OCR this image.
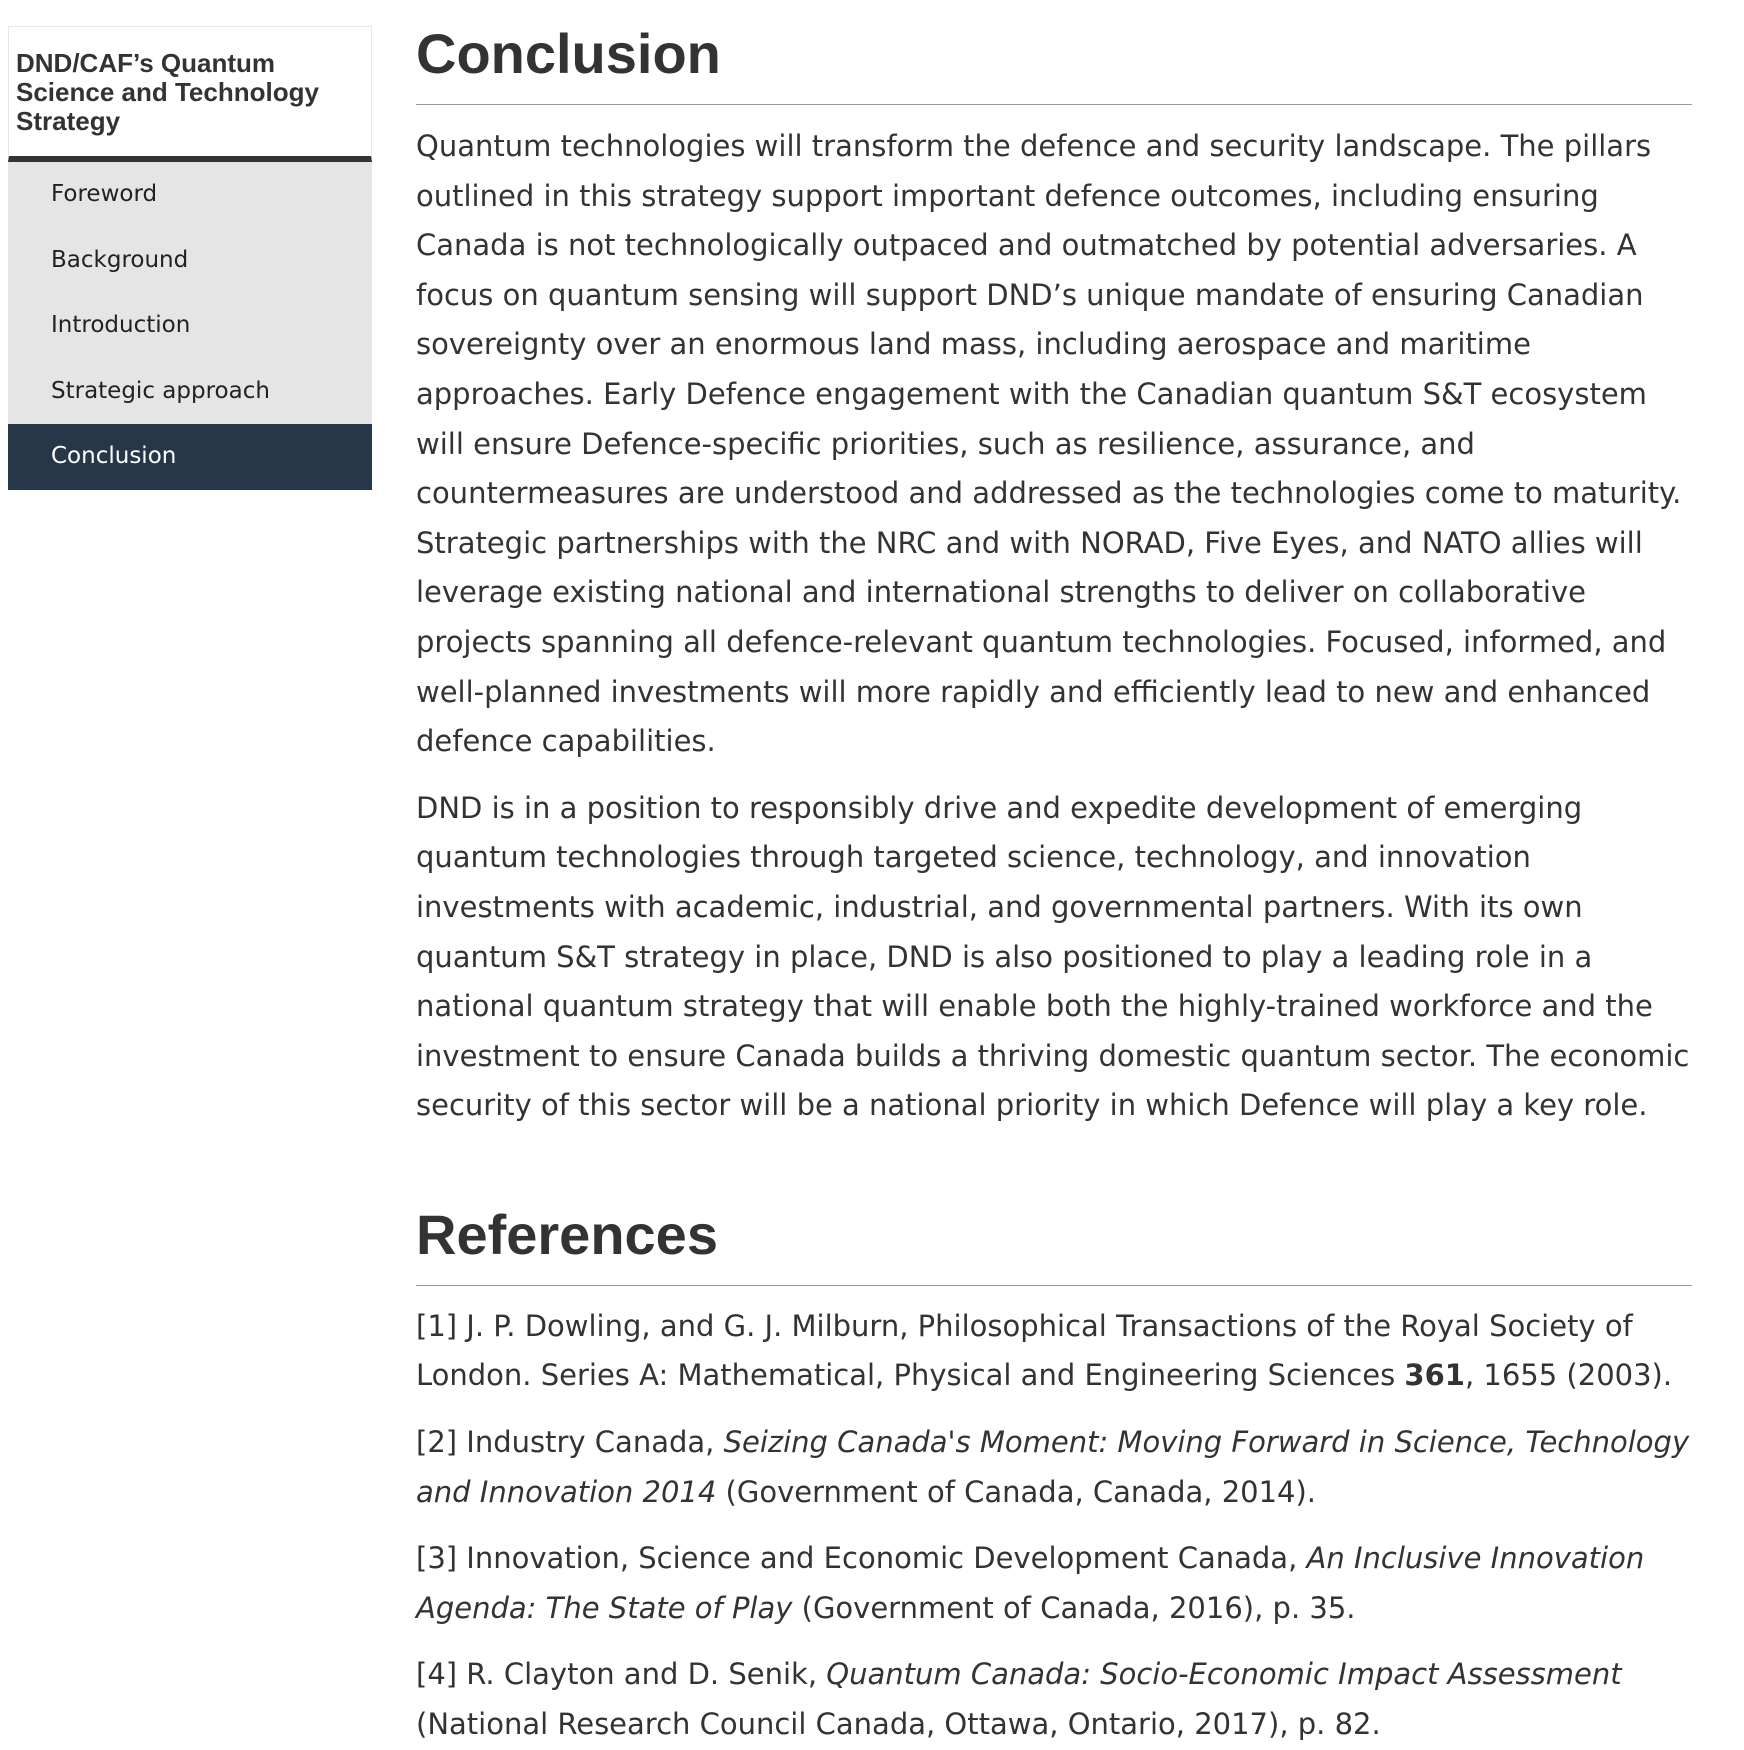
DND/CAF’s Quantum Science and Technology Strategy
Foreword
Background
Introduction
Strategic approach
Conclusion
Conclusion

Quantum technologies will transform the defence and security landscape. The pillars outlined in this strategy support important defence outcomes, including ensuring Canada is not technologically outpaced and outmatched by potential adversaries. A focus on quantum sensing will support DND’s unique mandate of ensuring Canadian sovereignty over an enormous land mass, including aerospace and maritime approaches. Early Defence engagement with the Canadian quantum S&T ecosystem will ensure Defence-specific priorities, such as resilience, assurance, and countermeasures are understood and addressed as the technologies come to maturity. Strategic partnerships with the NRC and with NORAD, Five Eyes, and NATO allies will leverage existing national and international strengths to deliver on collaborative projects spanning all defence-relevant quantum technologies. Focused, informed, and well-planned investments will more rapidly and efficiently lead to new and enhanced defence capabilities.

DND is in a position to responsibly drive and expedite development of emerging quantum technologies through targeted science, technology, and innovation investments with academic, industrial, and governmental partners. With its own quantum S&T strategy in place, DND is also positioned to play a leading role in a national quantum strategy that will enable both the highly-trained workforce and the investment to ensure Canada builds a thriving domestic quantum sector. The economic security of this sector will be a national priority in which Defence will play a key role.

References

[1] J. P. Dowling, and G. J. Milburn, Philosophical Transactions of the Royal Society of London. Series A: Mathematical, Physical and Engineering Sciences 361, 1655 (2003).

[2] Industry Canada, Seizing Canada's Moment: Moving Forward in Science, Technology and Innovation 2014 (Government of Canada, Canada, 2014).

[3] Innovation, Science and Economic Development Canada, An Inclusive Innovation Agenda: The State of Play (Government of Canada, 2016), p. 35.

[4] R. Clayton and D. Senik, Quantum Canada: Socio-Economic Impact Assessment (National Research Council Canada, Ottawa, Ontario, 2017), p. 82.
